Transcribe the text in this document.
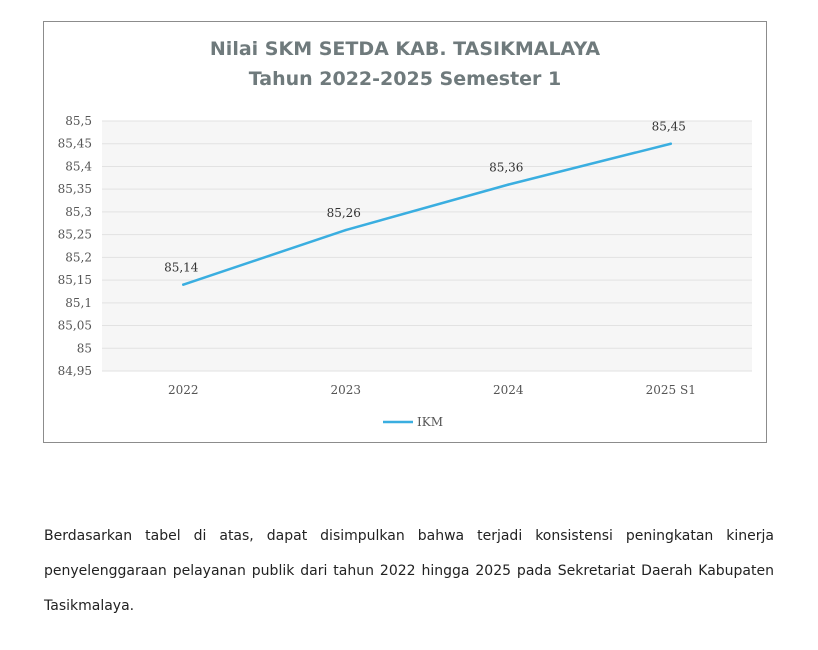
Nilai SKM SETDA KAB. TASIKMALAYA
Tahun 2022-2025 Semester 1
84,95
85
85,05
85,1
85,15
85,2
85,25
85,3
85,35
85,4
85,45
85,5
2022	2023	2024	2025 S1
85,14
85,26
85,36
85,45
IKM

Berdasarkan tabel di atas, dapat disimpulkan bahwa terjadi konsistensi peningkatan kinerja penyelenggaraan pelayanan publik dari tahun 2022 hingga 2025 pada Sekretariat Daerah Kabupaten Tasikmalaya.
